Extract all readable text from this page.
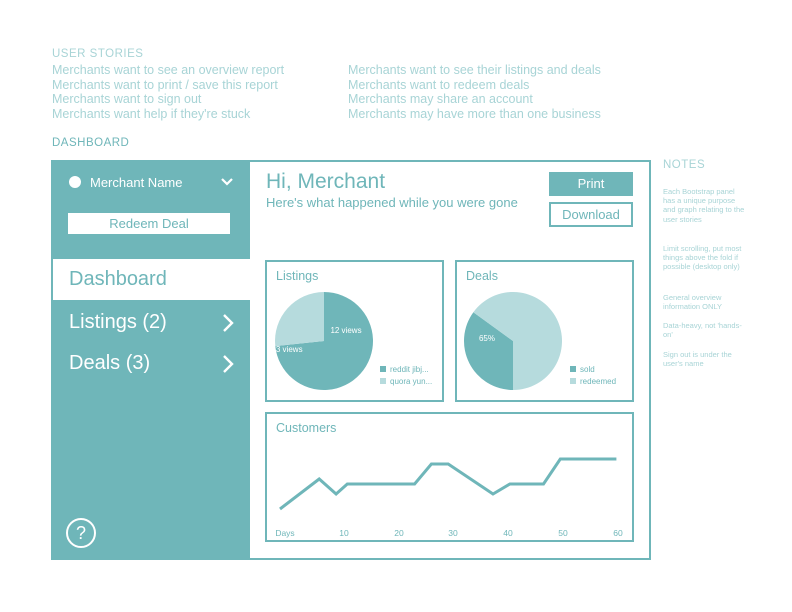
USER STORIES
Merchants want to see an overview report
Merchants want to print / save this report
Merchants want to sign out
Merchants want help if they're stuck
Merchants want to see their listings and deals
Merchants want to redeem deals
Merchants may share an account
Merchants may have more than one business
DASHBOARD
Merchant Name
Redeem Deal
Dashboard
Listings (2)
Deals (3)
?
Hi, Merchant
Here's what happened while you were gone
Print
Download
Listings
33 views
reddit jibj...
12 views
quora yun...
Deals
sold
65%
redeemed
Customers
Days	10	20	30	40	50	60
NOTES
Each Bootstrap panel has a unique purpose and graph relating to the user stories
Limit scrolling, put most things above the fold if possible (desktop only)
General overview information ONLY
Data-heavy, not 'hands-on'
Sign out is under the user's name
